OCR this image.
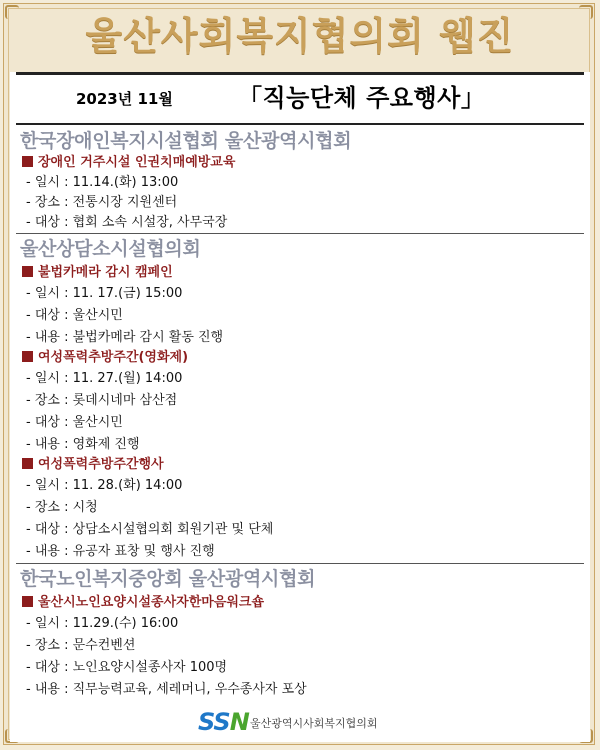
울산사회복지협의회 웹진
2023년 11월	「직능단체 주요행사」
한국장애인복지시설협회 울산광역시협회
장애인 거주시설 인권치매예방교육
- 일시 : 11.14.(화) 13:00
- 장소 : 전통시장 지원센터
- 대상 : 협회 소속 시설장, 사무국장
울산상담소시설협의회
불법카메라 감시 캠페인
- 일시 : 11. 17.(금) 15:00
- 대상 : 울산시민
- 내용 : 불법카메라 감시 활동 진행
여성폭력추방주간(영화제)
- 일시 : 11. 27.(월) 14:00
- 장소 : 롯데시네마 삼산점
- 대상 : 울산시민
- 내용 : 영화제 진행
여성폭력추방주간행사
- 일시 : 11. 28.(화) 14:00
- 장소 : 시청
- 대상 : 상담소시설협의회 회원기관 및 단체
- 내용 : 유공자 표창 및 행사 진행
한국노인복지중앙회 울산광역시협회
울산시노인요양시설종사자한마음워크숍
- 일시 : 11.29.(수) 16:00
- 장소 : 문수컨벤션
- 대상 : 노인요양시설종사자 100명
- 내용 : 직무능력교육, 세레머니, 우수종사자 포상
SSN 울산광역시사회복지협의회
